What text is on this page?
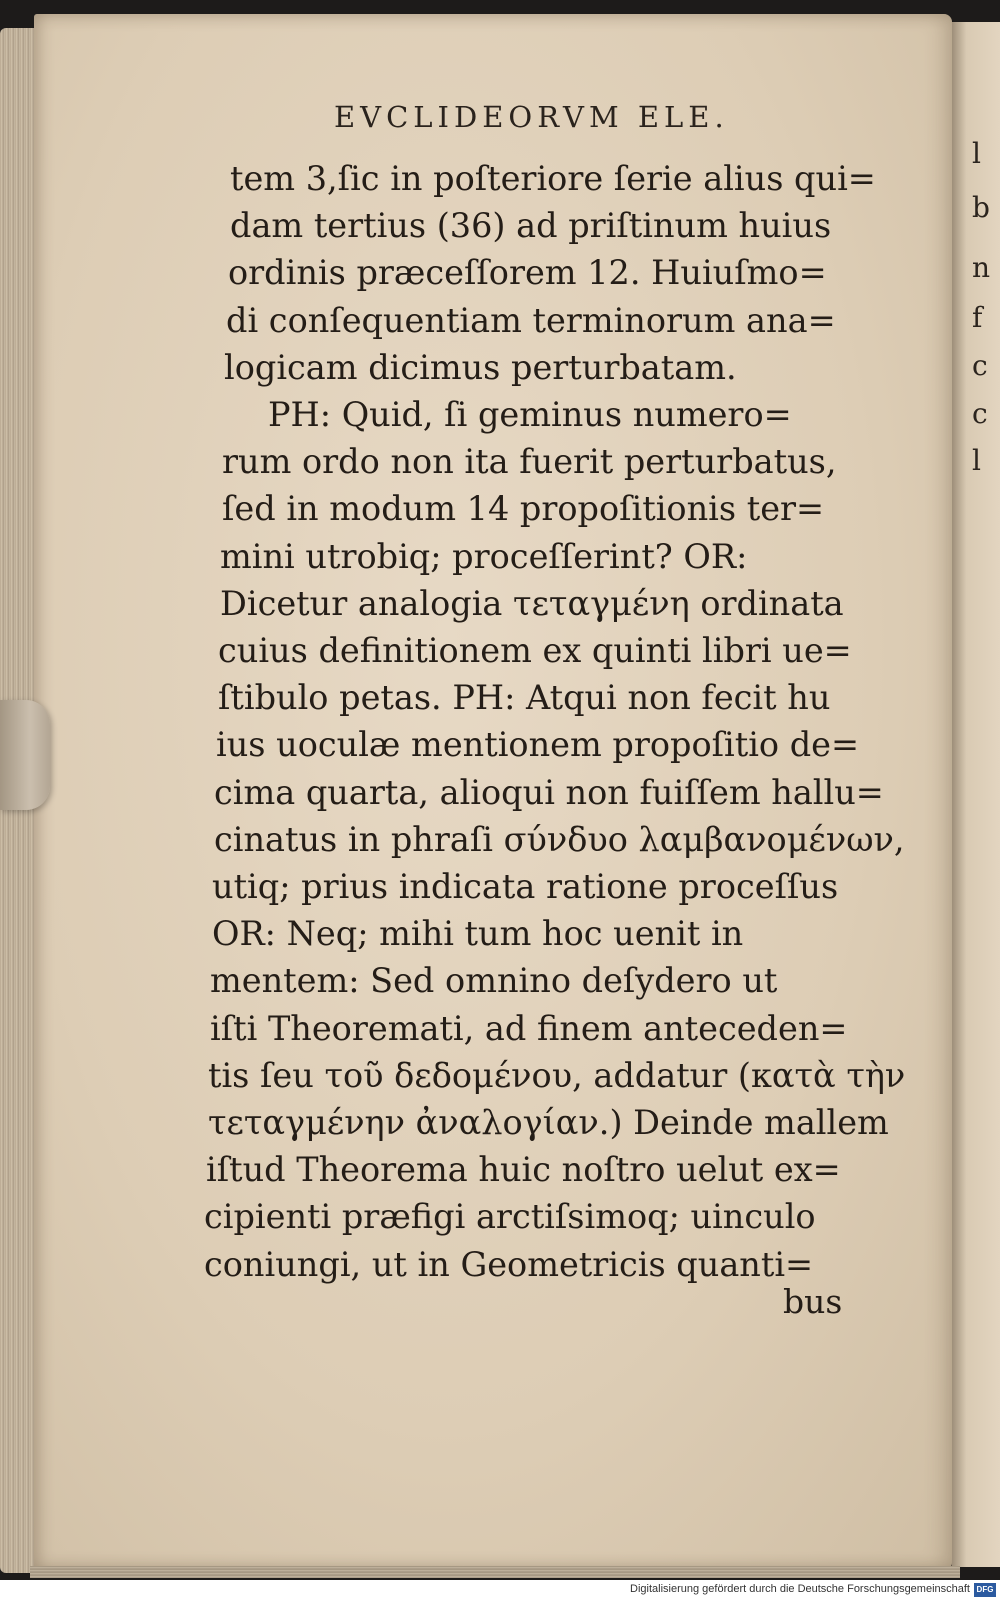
l
b
n
f
c
c
l
EVCLIDEORVM ELE.
tem 3,ſic in poſteriore ſerie alius qui=
dam tertius (36) ad priſtinum huius
ordinis præceſſorem 12. Huiuſmo=
di conſequentiam terminorum ana=
logicam dicimus perturbatam.
PH: Quid, ſi geminus numero=
rum ordo non ita fuerit perturbatus,
ſed in modum 14 propoſitionis ter=
mini utrobiq; proceſſerint? OR:
Dicetur analogia τεταγμένη ordinata
cuius definitionem ex quinti libri ue=
ſtibulo petas. PH: Atqui non fecit hu
ius uoculæ mentionem propoſitio de=
cima quarta, alioqui non fuiſſem hallu=
cinatus in phraſi σύνδυο λαμβανομένων,
utiq; prius indicata ratione proceſſus
OR: Neq; mihi tum hoc uenit in
mentem: Sed omnino deſydero ut
iſti Theoremati, ad finem anteceden=
tis ſeu τοῦ δεδομένου, addatur (κατὰ τὴν
τεταγμένην ἀναλογίαν.) Deinde mallem
iſtud Theorema huic noſtro uelut ex=
cipienti præfigi arctiſsimoq; uinculo
coniungi, ut in Geometricis quanti=
bus
Digitalisierung gefördert durch die Deutsche Forschungsgemeinschaft DFG
